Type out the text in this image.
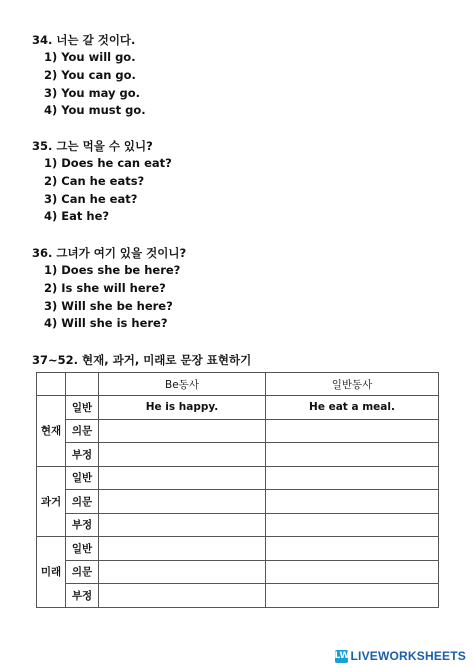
34. 너는 갈 것이다.
1) You will go.
2) You can go.
3) You may go.
4) You must go.
35. 그는 먹을 수 있니?
1) Does he can eat?
2) Can he eats?
3) Can he eat?
4) Eat he?
36. 그녀가 여기 있을 것이니?
1) Does she be here?
2) Is she will here?
3) Will she be here?
4) Will she is here?
37~52. 현재, 과거, 미래로 문장 표현하기
		Be동사	일반동사
현재	일반	He is happy.	He eat a meal.
	의문		
	부정		
과거	일반		
	의문		
	부정		
미래	일반		
	의문		
	부정		
LW LIVEWORKSHEETS
